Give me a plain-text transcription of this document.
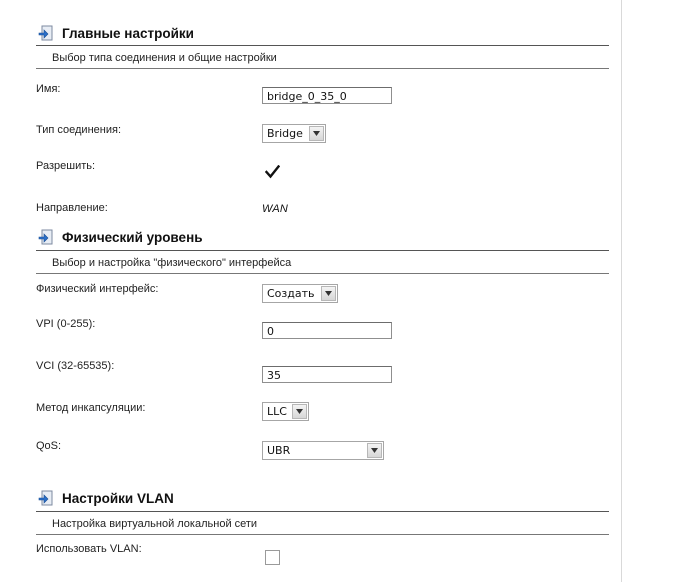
Главные настройки
Выбор типа соединения и общие настройки
Имя:
bridge_0_35_0
Тип соединения:	Bridge
Разрешить:
Направление:	WAN
Физический уровень
Выбор и настройка "физического" интерфейса
Физический интерфейс:	Создать
VPI (0-255):
0
VCI (32-65535):
35
Метод инкапсуляции:	LLC
QoS:	UBR
Настройки VLAN
Настройка виртуальной локальной сети
Использовать VLAN:
